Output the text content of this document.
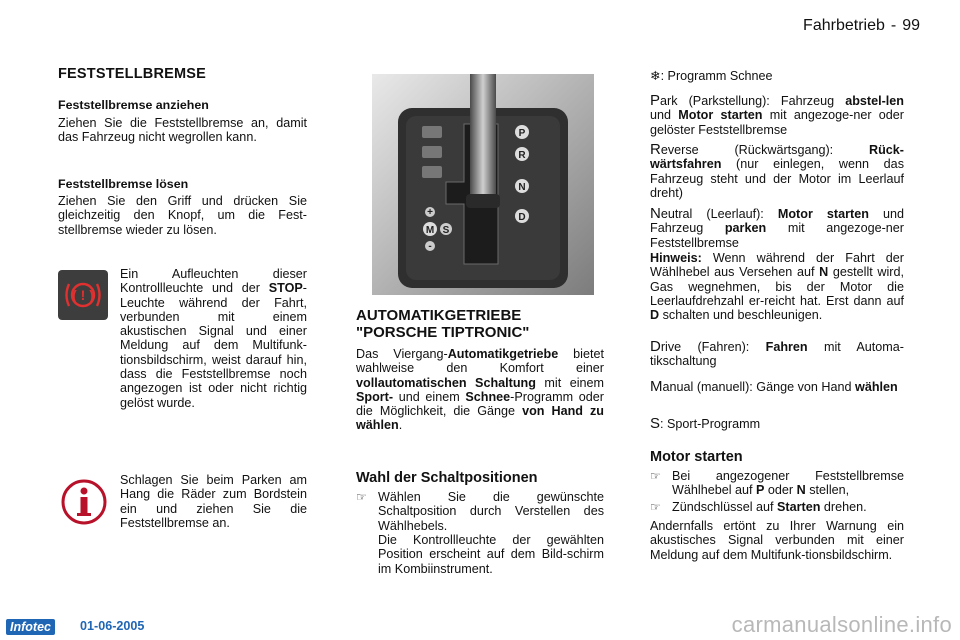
Fahrbetrieb - 99
FESTSTELLBREMSE
Feststellbremse anziehen

Ziehen Sie die Feststellbremse an, damit das Fahrzeug nicht wegrollen kann.

Feststellbremse lösen

Ziehen Sie den Griff und drücken Sie gleichzeitig den Knopf, um die Fest-stellbremse wieder zu lösen.

( ! )

Ein Aufleuchten dieser Kontrollleuchte und der STOP-Leuchte während der Fahrt, verbunden mit einem akustischen Signal und einer Meldung auf dem Multifunk-tionsbildschirm, weist darauf hin, dass die Feststellbremse noch angezogen ist oder nicht richtig gelöst wurde.

Schlagen Sie beim Parken am Hang die Räder zum Bordstein ein und ziehen Sie die Feststellbremse an.

P
R
N
D
M
+
-
S
AUTOMATIKGETRIEBE
"PORSCHE TIPTRONIC"

Das Viergang-Automatikgetriebe bietet wahlweise den Komfort einer vollautomatischen Schaltung mit einem Sport- und einem Schnee-Programm oder die Möglichkeit, die Gänge von Hand zu wählen.

Wahl der Schaltpositionen
☞ Wählen Sie die gewünschte Schaltposition durch Verstellen des Wählhebels.

Die Kontrollleuchte der gewählten Position erscheint auf dem Bild-schirm im Kombiinstrument.

❄: Programm Schnee

Park (Parkstellung): Fahrzeug abstel-len und Motor starten mit angezoge-ner oder gelöster Feststellbremse

Reverse (Rückwärtsgang): Rück-wärtsfahren (nur einlegen, wenn das Fahrzeug steht und der Motor im Leerlauf dreht)

Neutral (Leerlauf): Motor starten und Fahrzeug parken mit angezoge-ner Feststellbremse

Hinweis: Wenn während der Fahrt der Wählhebel aus Versehen auf N gestellt wird, Gas wegnehmen, bis der Motor die Leerlaufdrehzahl er-reicht hat. Erst dann auf D schalten und beschleunigen.

Drive (Fahren): Fahren mit Automa-tikschaltung

Manual (manuell): Gänge von Hand wählen

S: Sport-Programm

Motor starten
☞ Bei angezogener Feststellbremse Wählhebel auf P oder N stellen,
☞ Zündschlüssel auf Starten drehen.

Andernfalls ertönt zu Ihrer Warnung ein akustisches Signal verbunden mit einer Meldung auf dem Multifunk-tionsbildschirm.

Infotec	01-06-2005	carmanualsonline.info
